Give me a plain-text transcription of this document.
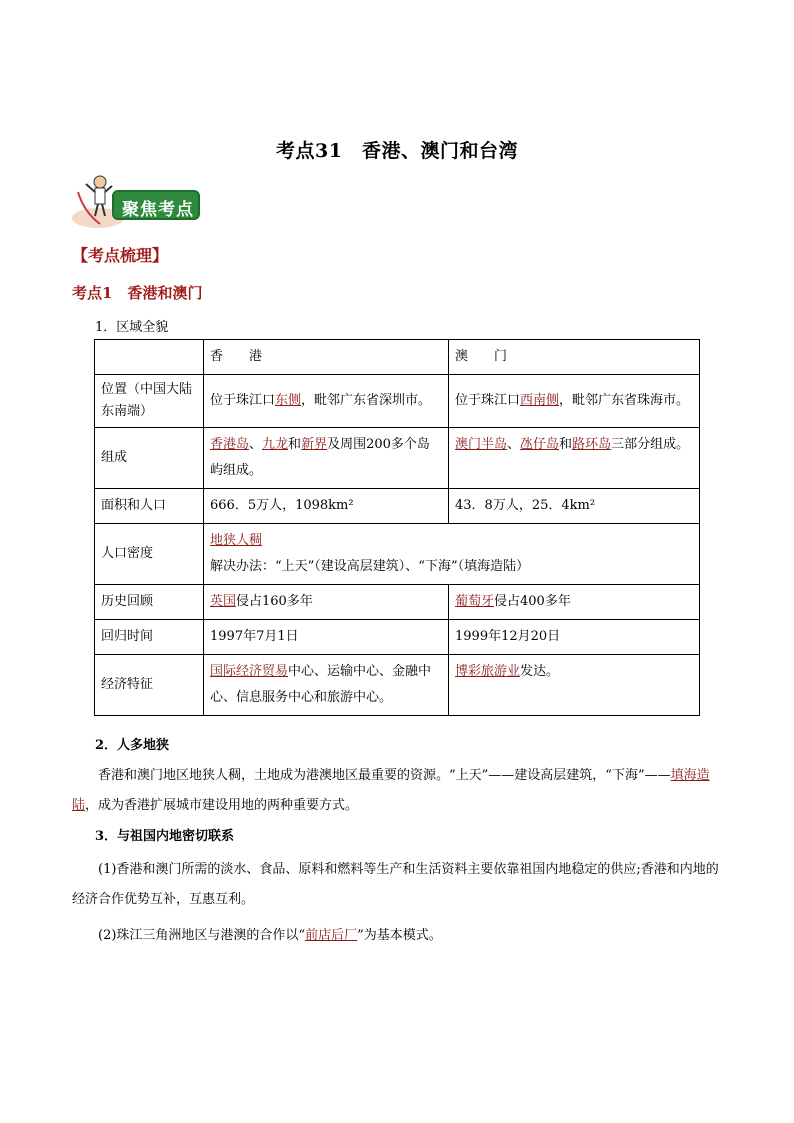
考点31　香港、澳门和台湾
聚焦考点
【考点梳理】
考点1　香港和澳门
1．区域全貌
	香　　港	澳　　门
位置（中国大陆东南端）	位于珠江口东侧，毗邻广东省深圳市。	位于珠江口西南侧，毗邻广东省珠海市。
组成	香港岛、九龙和新界及周围200多个岛屿组成。	澳门半岛、氹仔岛和路环岛三部分组成。
面积和人口	666．5万人，1098km²	43．8万人，25．4km²
人口密度	地狭人稠

解决办法：“上天”（建设高层建筑）、“下海”（填海造陆）	

历史回顾	英国侵占160多年	葡萄牙侵占400多年
回归时间	1997年7月1日	1999年12月20日
经济特征	国际经济贸易中心、运输中心、金融中心、信息服务中心和旅游中心。	博彩旅游业发达。
2．人多地狭
香港和澳门地区地狭人稠，土地成为港澳地区最重要的资源。“上天”——建设高层建筑，“下海”——填海造陆，成为香港扩展城市建设用地的两种重要方式。
3．与祖国内地密切联系
(1)香港和澳门所需的淡水、食品、原料和燃料等生产和生活资料主要依靠祖国内地稳定的供应;香港和内地的经济合作优势互补，互惠互利。
(2)珠江三角洲地区与港澳的合作以“前店后厂”为基本模式。
